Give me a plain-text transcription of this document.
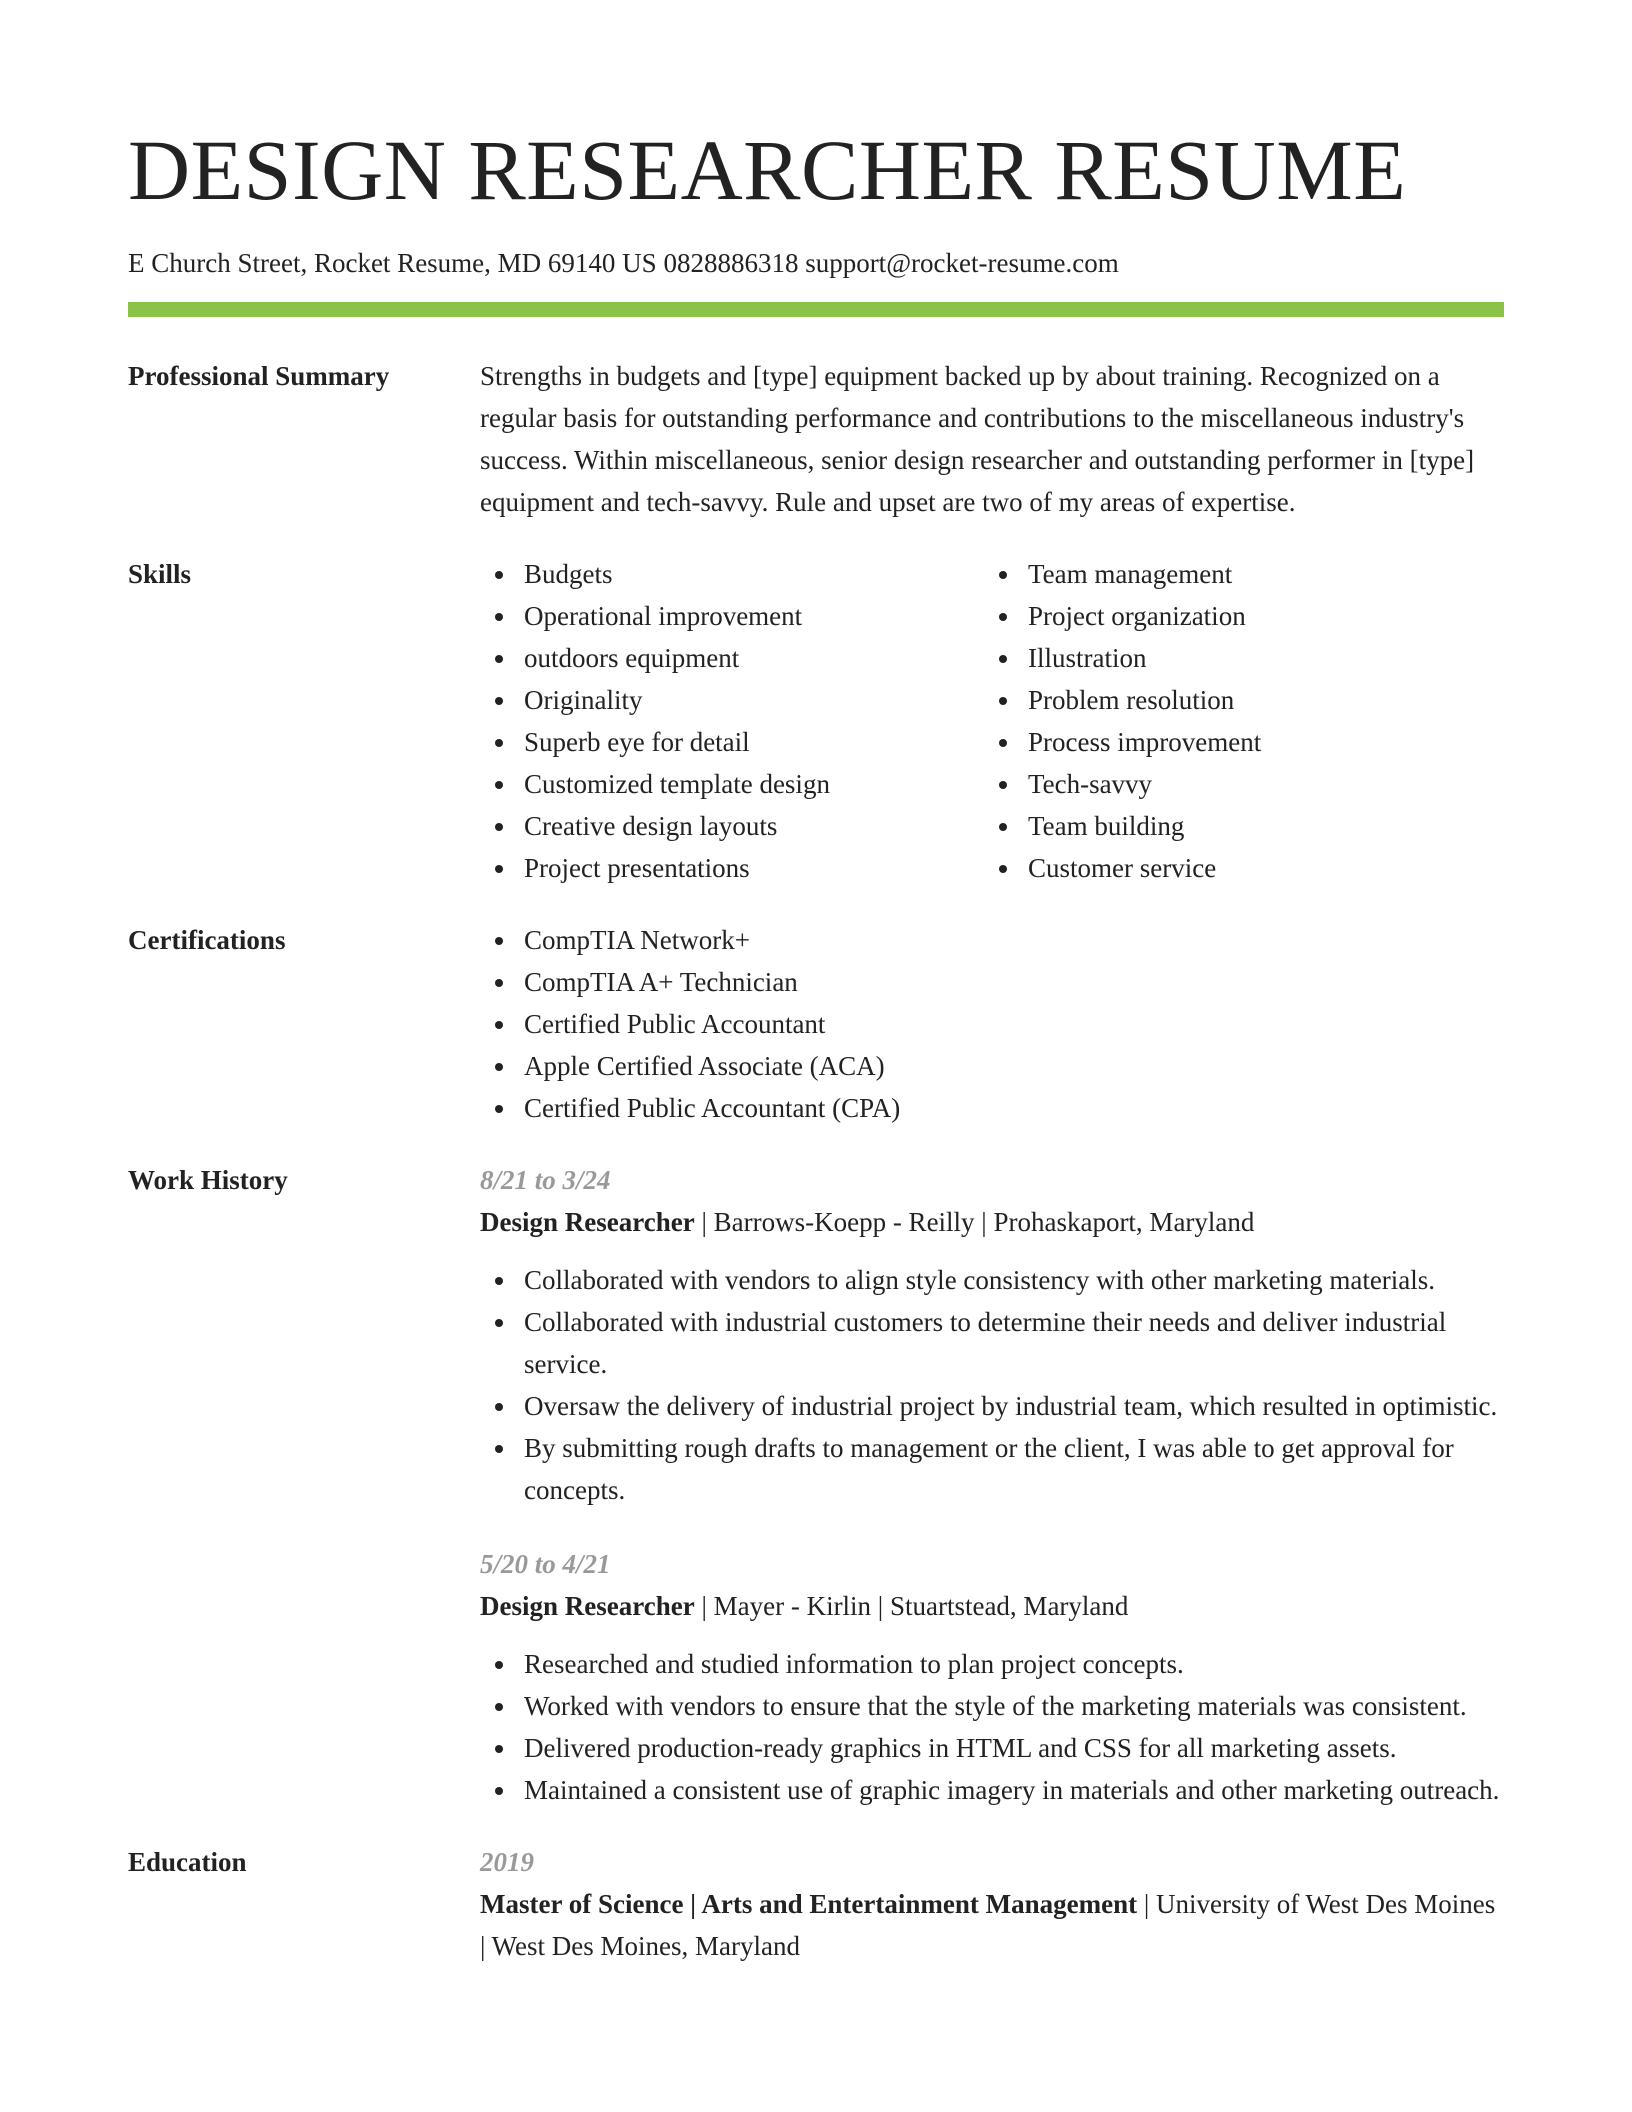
DESIGN RESEARCHER RESUME
E Church Street, Rocket Resume, MD 69140 US 0828886318 support@rocket-resume.com
Professional Summary	Strengths in budgets and [type] equipment backed up by about training. Recognized on a regular basis for outstanding performance and contributions to the miscellaneous industry's success. Within miscellaneous, senior design researcher and outstanding performer in [type] equipment and tech-savvy. Rule and upset are two of my areas of expertise.

Skills	Budgets
Operational improvement
outdoors equipment
Originality
Superb eye for detail
Customized template design
Creative design layouts
Project presentations
Team management
Project organization
Illustration
Problem resolution
Process improvement
Tech-savvy
Team building
Customer service
Certifications	CompTIA Network+
CompTIA A+ Technician
Certified Public Accountant
Apple Certified Associate (ACA)
Certified Public Accountant (CPA)
Work History	8/21 to 3/24
Design Researcher | Barrows-Koepp - Reilly | Prohaskaport, Maryland
Collaborated with vendors to align style consistency with other marketing materials.
Collaborated with industrial customers to determine their needs and deliver industrial service.
Oversaw the delivery of industrial project by industrial team, which resulted in optimistic.
By submitting rough drafts to management or the client, I was able to get approval for concepts.
5/20 to 4/21
Design Researcher | Mayer - Kirlin | Stuartstead, Maryland
Researched and studied information to plan project concepts.
Worked with vendors to ensure that the style of the marketing materials was consistent.
Delivered production-ready graphics in HTML and CSS for all marketing assets.
Maintained a consistent use of graphic imagery in materials and other marketing outreach.
Education	2019
Master of Science | Arts and Entertainment Management | University of West Des Moines | West Des Moines, Maryland
